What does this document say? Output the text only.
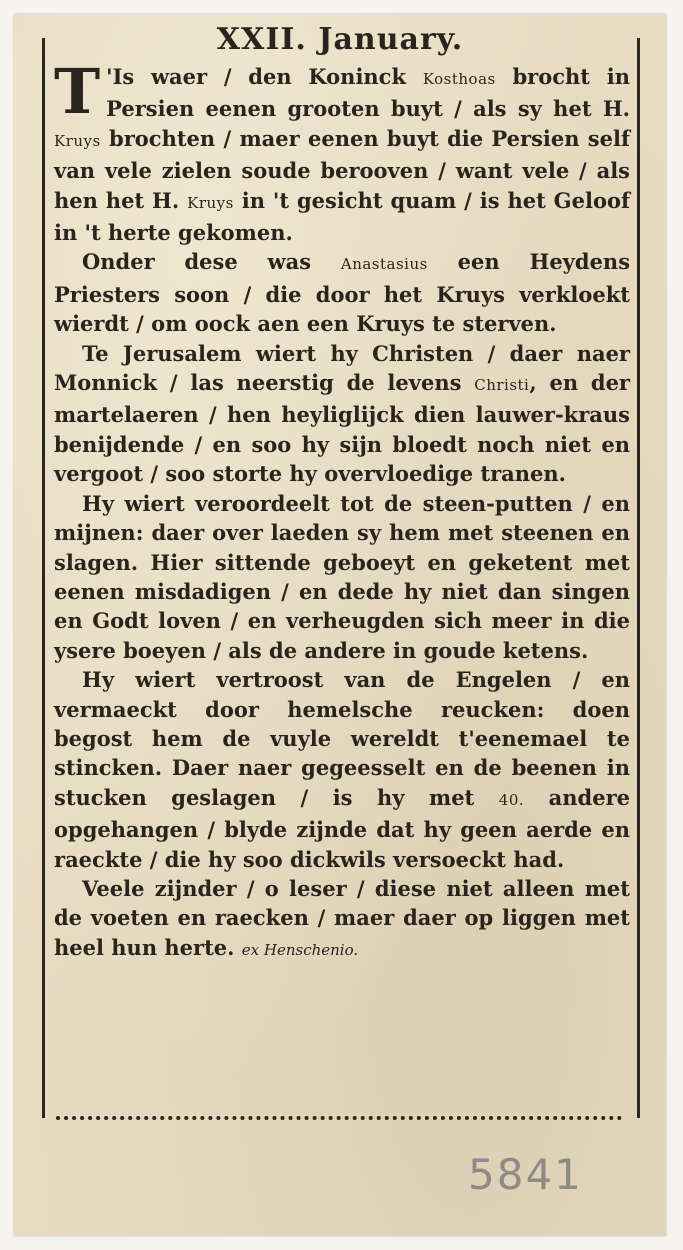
XXII. January.

T 'Is waer / den Koninck Kosthoas brocht in Persien eenen grooten buyt / als sy het H. Kruys brochten / maer eenen buyt die Persien self van vele zielen soude berooven / want vele / als hen het H. Kruys in 't gesicht quam / is het Geloof in 't herte gekomen.

Onder dese was Anastasius een Heydens Priesters soon / die door het Kruys verkloekt wierdt / om oock aen een Kruys te sterven.

Te Jerusalem wiert hy Christen / daer naer Monnick / las neerstig de levens Christi, en der martelaeren / hen heyliglijck dien lauwer-kraus benijdende / en soo hy sijn bloedt noch niet en vergoot / soo storte hy overvloedige tranen.

Hy wiert veroordeelt tot de steen-putten / en mijnen: daer over laeden sy hem met steenen en slagen. Hier sittende geboeyt en geketent met eenen misdadigen / en dede hy niet dan singen en Godt loven / en verheugden sich meer in die ysere boeyen / als de andere in goude ketens.

Hy wiert vertroost van de Engelen / en vermaeckt door hemelsche reucken: doen begost hem de vuyle wereldt t'eenemael te stincken. Daer naer gegeesselt en de beenen in stucken geslagen / is hy met 40. andere opgehangen / blyde zijnde dat hy geen aerde en raeckte / die hy soo dickwils versoeckt had.

Veele zijnder / o leser / diese niet alleen met de voeten en raecken / maer daer op liggen met heel hun herte. ex Henschenio.

5841
